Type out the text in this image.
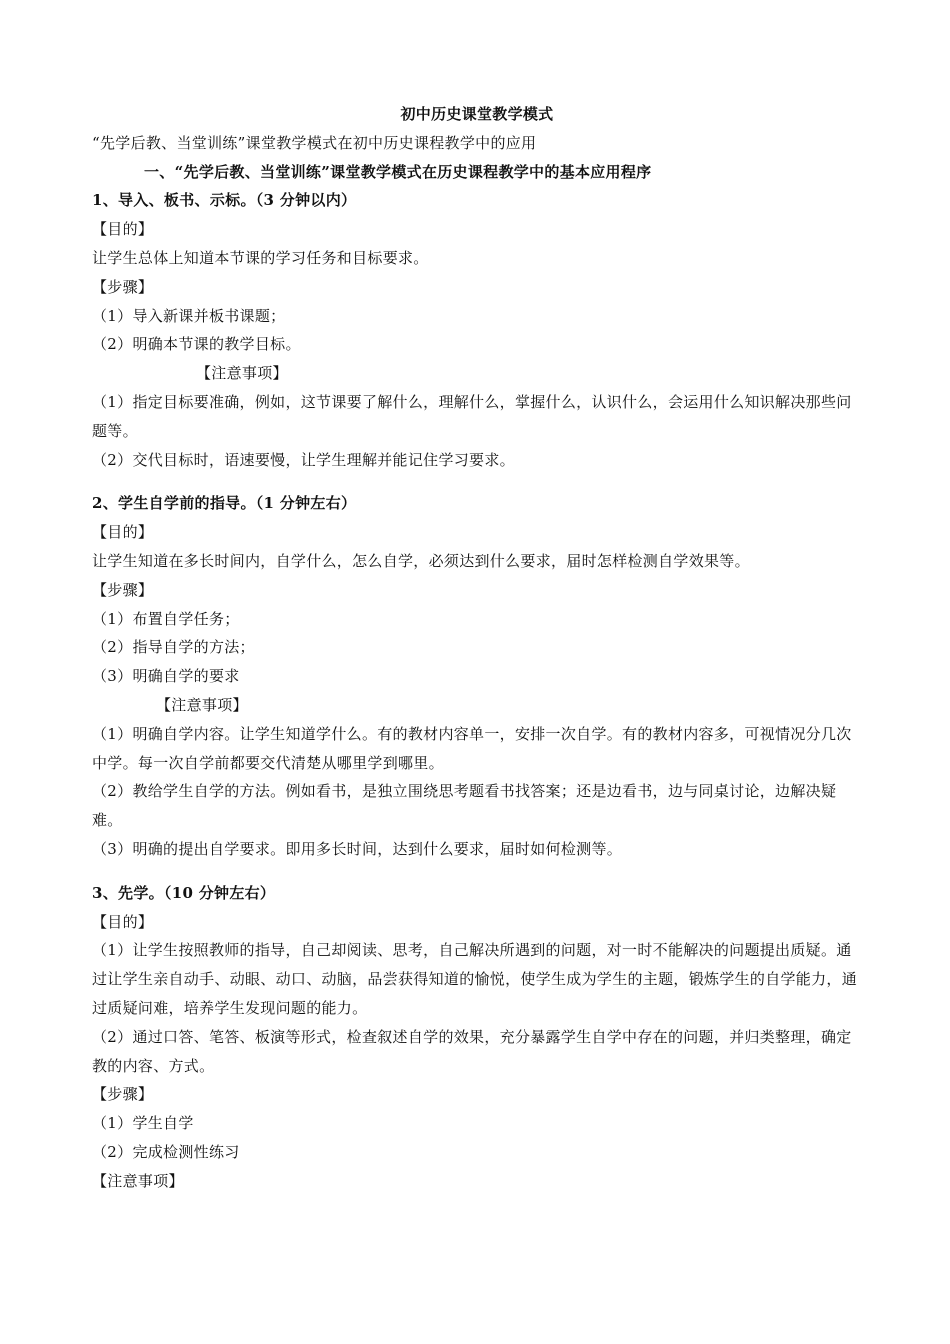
初中历史课堂教学模式

“先学后教、当堂训练”课堂教学模式在初中历史课程教学中的应用

一、“先学后教、当堂训练”课堂教学模式在历史课程教学中的基本应用程序

1、导入、板书、示标。（3 分钟以内）

【目的】

让学生总体上知道本节课的学习任务和目标要求。

【步骤】

（1）导入新课并板书课题；

（2）明确本节课的教学目标。

【注意事项】

（1）指定目标要准确，例如，这节课要了解什么，理解什么，掌握什么，认识什么，会运用什么知识解决那些问题等。

（2）交代目标时，语速要慢，让学生理解并能记住学习要求。

2、学生自学前的指导。（1 分钟左右）

【目的】

让学生知道在多长时间内，自学什么，怎么自学，必须达到什么要求，届时怎样检测自学效果等。

【步骤】

（1）布置自学任务；

（2）指导自学的方法；

（3）明确自学的要求

【注意事项】

（1）明确自学内容。让学生知道学什么。有的教材内容单一，安排一次自学。有的教材内容多，可视情况分几次中学。每一次自学前都要交代清楚从哪里学到哪里。

（2）教给学生自学的方法。例如看书，是独立围绕思考题看书找答案；还是边看书，边与同桌讨论，边解决疑难。

（3）明确的提出自学要求。即用多长时间，达到什么要求，届时如何检测等。

3、先学。（10 分钟左右）

【目的】

（1）让学生按照教师的指导，自己却阅读、思考，自己解决所遇到的问题，对一时不能解决的问题提出质疑。通过让学生亲自动手、动眼、动口、动脑，品尝获得知道的愉悦，使学生成为学生的主题，锻炼学生的自学能力，通过质疑问难，培养学生发现问题的能力。

（2）通过口答、笔答、板演等形式，检查叙述自学的效果，充分暴露学生自学中存在的问题，并归类整理，确定教的内容、方式。

【步骤】

（1）学生自学

（2）完成检测性练习

【注意事项】
